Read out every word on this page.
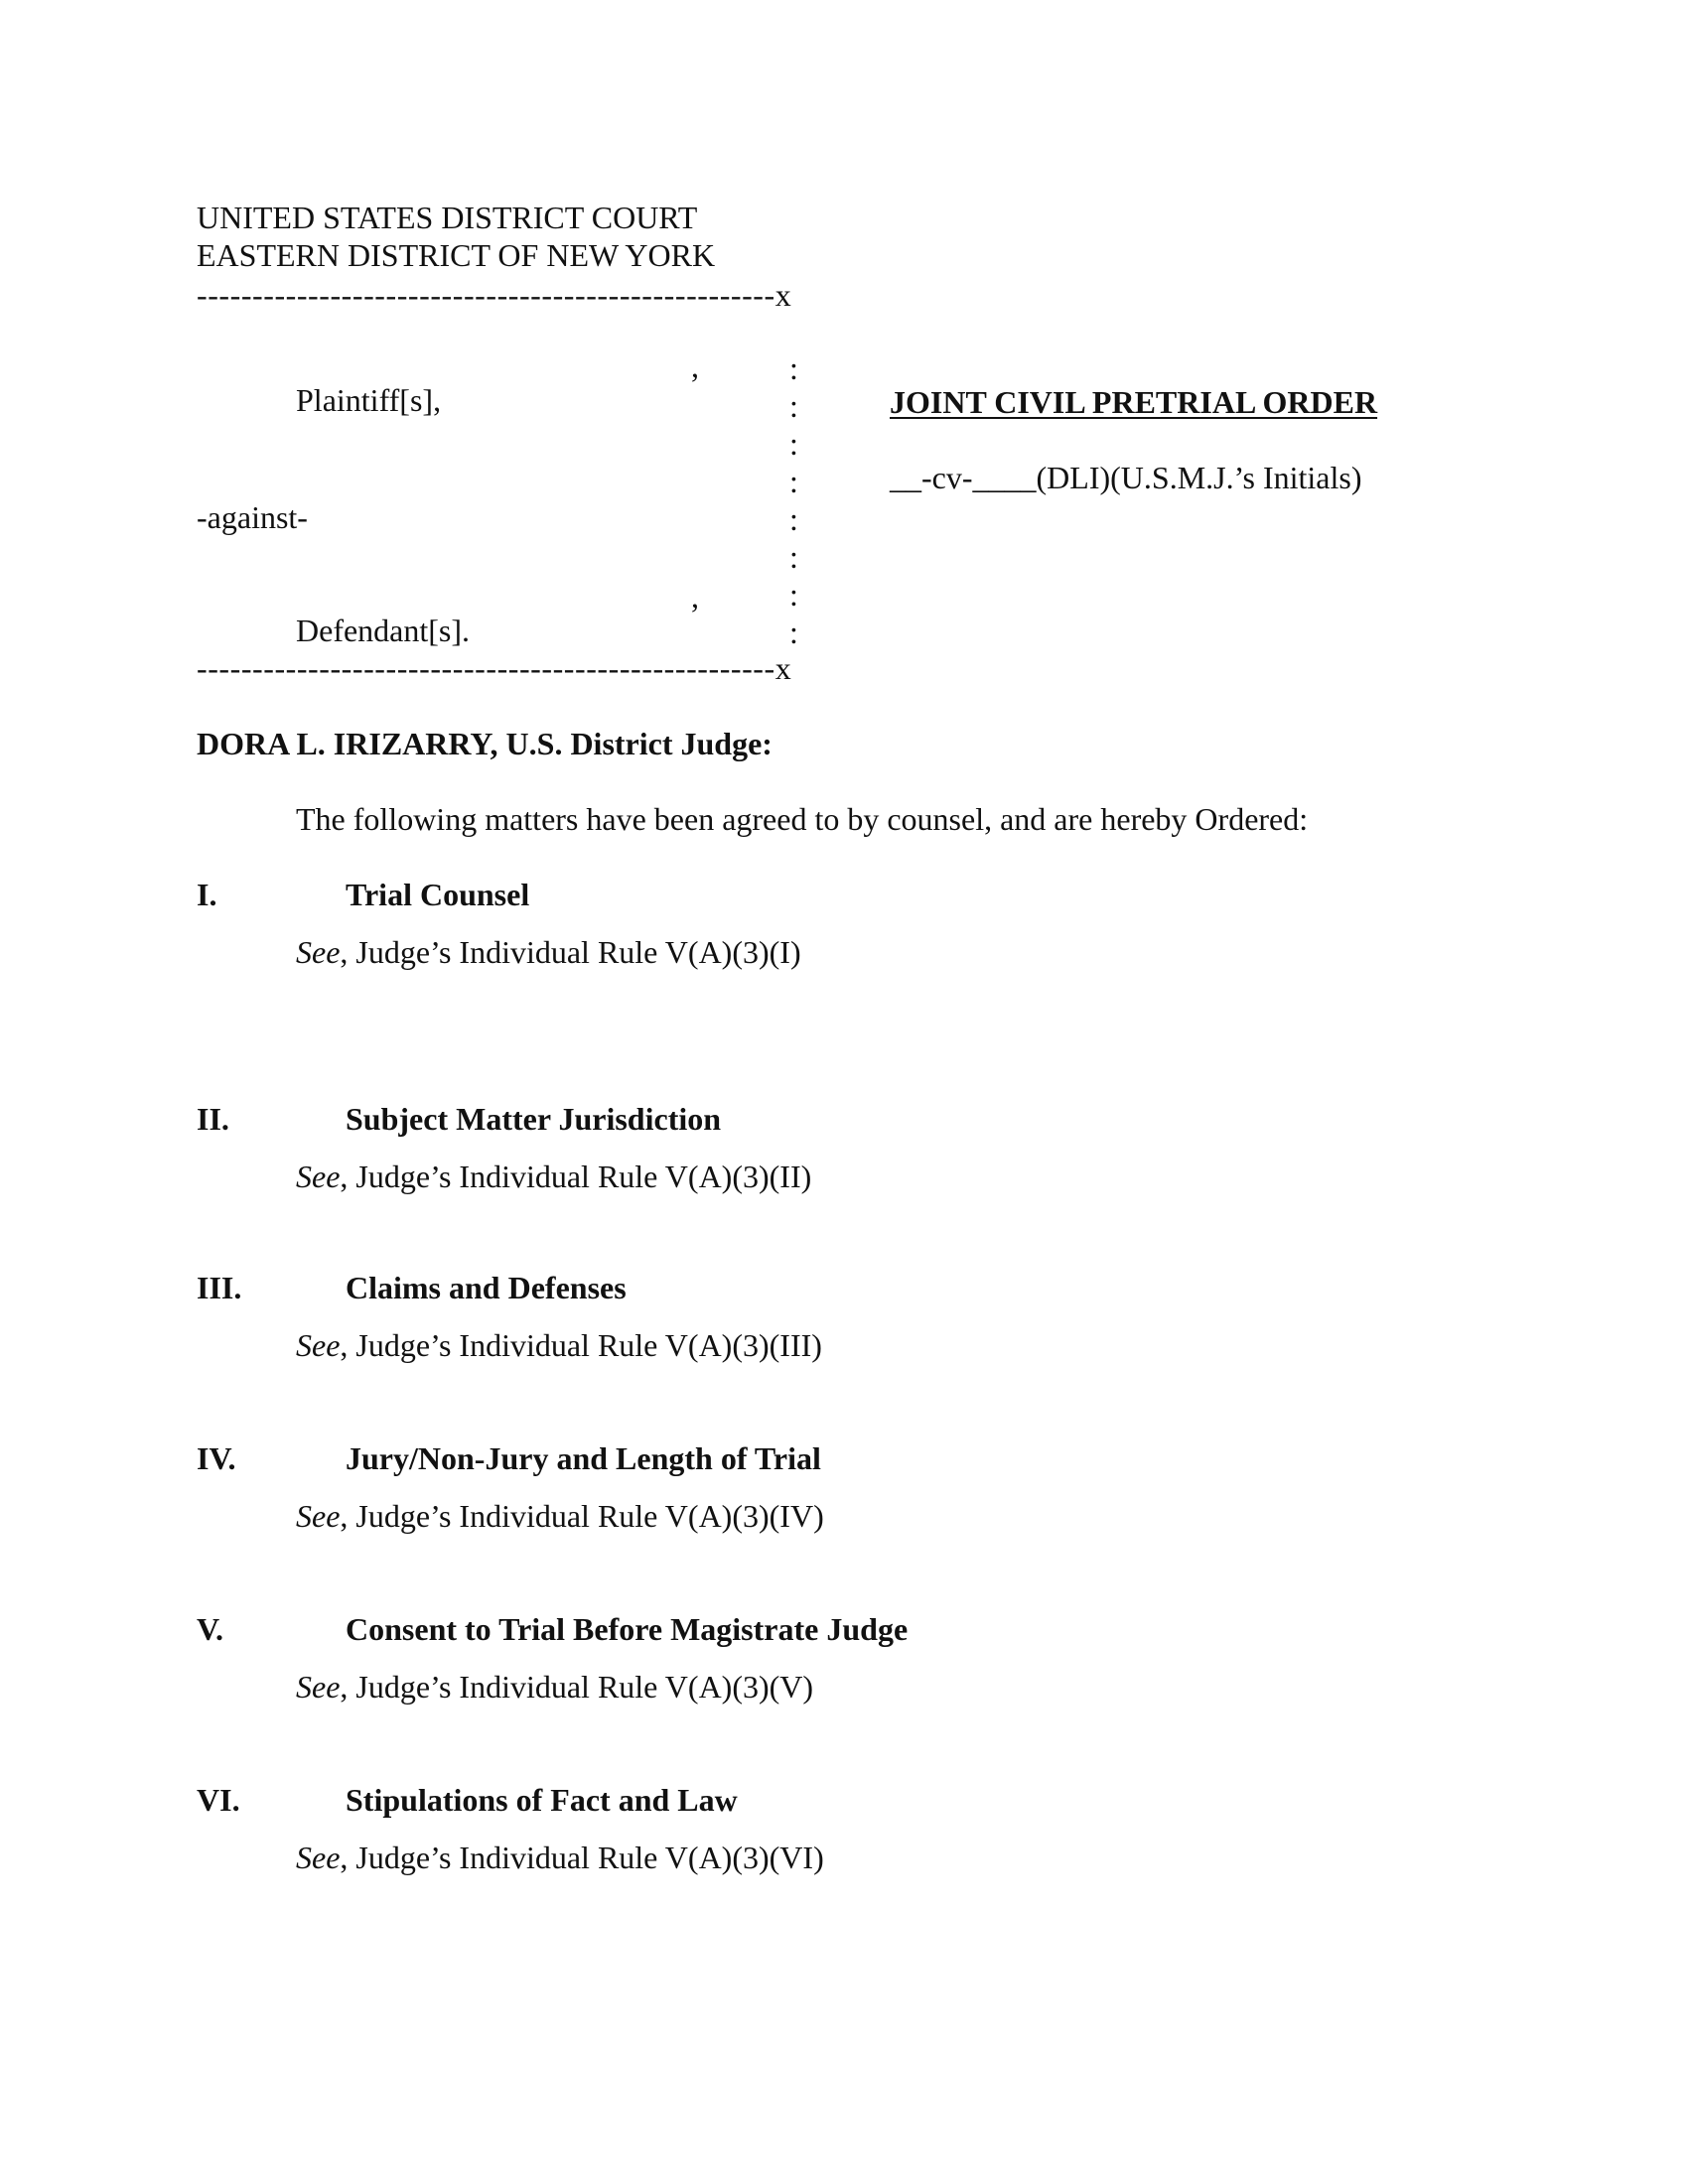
UNITED STATES DISTRICT COURT
EASTERN DISTRICT OF NEW YORK
----------------------------------------------------x
----------------------------------------------------x
:
:
:
:
:
:
:
:
,
Plaintiff[s],
-against-
,
Defendant[s].
JOINT CIVIL PRETRIAL ORDER
__-cv-____(DLI)(U.S.M.J.’s Initials)
DORA L. IRIZARRY, U.S. District Judge:
The following matters have been agreed to by counsel, and are hereby Ordered:
I.	Trial Counsel
See, Judge’s Individual Rule V(A)(3)(I)
II.	Subject Matter Jurisdiction
See, Judge’s Individual Rule V(A)(3)(II)
III.	Claims and Defenses
See, Judge’s Individual Rule V(A)(3)(III)
IV.	Jury/Non-Jury and Length of Trial
See, Judge’s Individual Rule V(A)(3)(IV)
V.	Consent to Trial Before Magistrate Judge
See, Judge’s Individual Rule V(A)(3)(V)
VI.	Stipulations of Fact and Law
See, Judge’s Individual Rule V(A)(3)(VI)
